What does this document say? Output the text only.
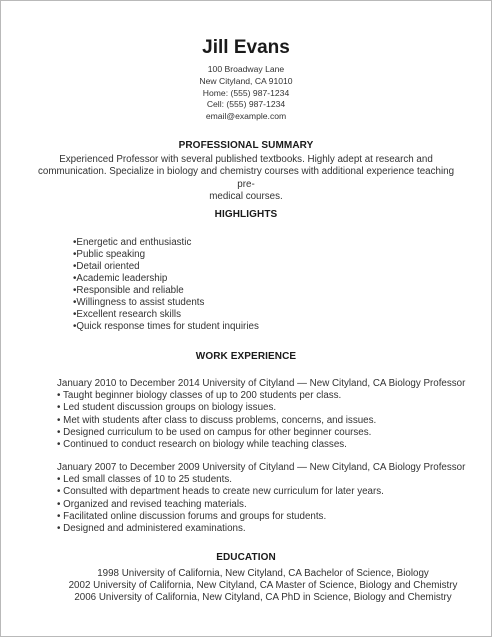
Jill Evans
100 Broadway Lane
New Cityland, CA 91010
Home: (555) 987-1234
Cell: (555) 987-1234
email@example.com
PROFESSIONAL SUMMARY
Experienced Professor with several published textbooks. Highly adept at research and
communication. Specialize in biology and chemistry courses with additional experience teaching pre-
medical courses.
HIGHLIGHTS
•Energetic and enthusiastic
•Public speaking
•Detail oriented
•Academic leadership
•Responsible and reliable
•Willingness to assist students
•Excellent research skills
•Quick response times for student inquiries
WORK EXPERIENCE
January 2010 to December 2014 University of Cityland — New Cityland, CA Biology Professor
• Taught beginner biology classes of up to 200 students per class.
• Led student discussion groups on biology issues.
• Met with students after class to discuss problems, concerns, and issues.
• Designed curriculum to be used on campus for other beginner courses.
• Continued to conduct research on biology while teaching classes.
January 2007 to December 2009 University of Cityland — New Cityland, CA Biology Professor
• Led small classes of 10 to 25 students.
• Consulted with department heads to create new curriculum for later years.
• Organized and revised teaching materials.
• Facilitated online discussion forums and groups for students.
• Designed and administered examinations.
EDUCATION
1998 University of California, New Cityland, CA Bachelor of Science, Biology
2002 University of California, New Cityland, CA Master of Science, Biology and Chemistry
2006 University of California, New Cityland, CA PhD in Science, Biology and Chemistry
